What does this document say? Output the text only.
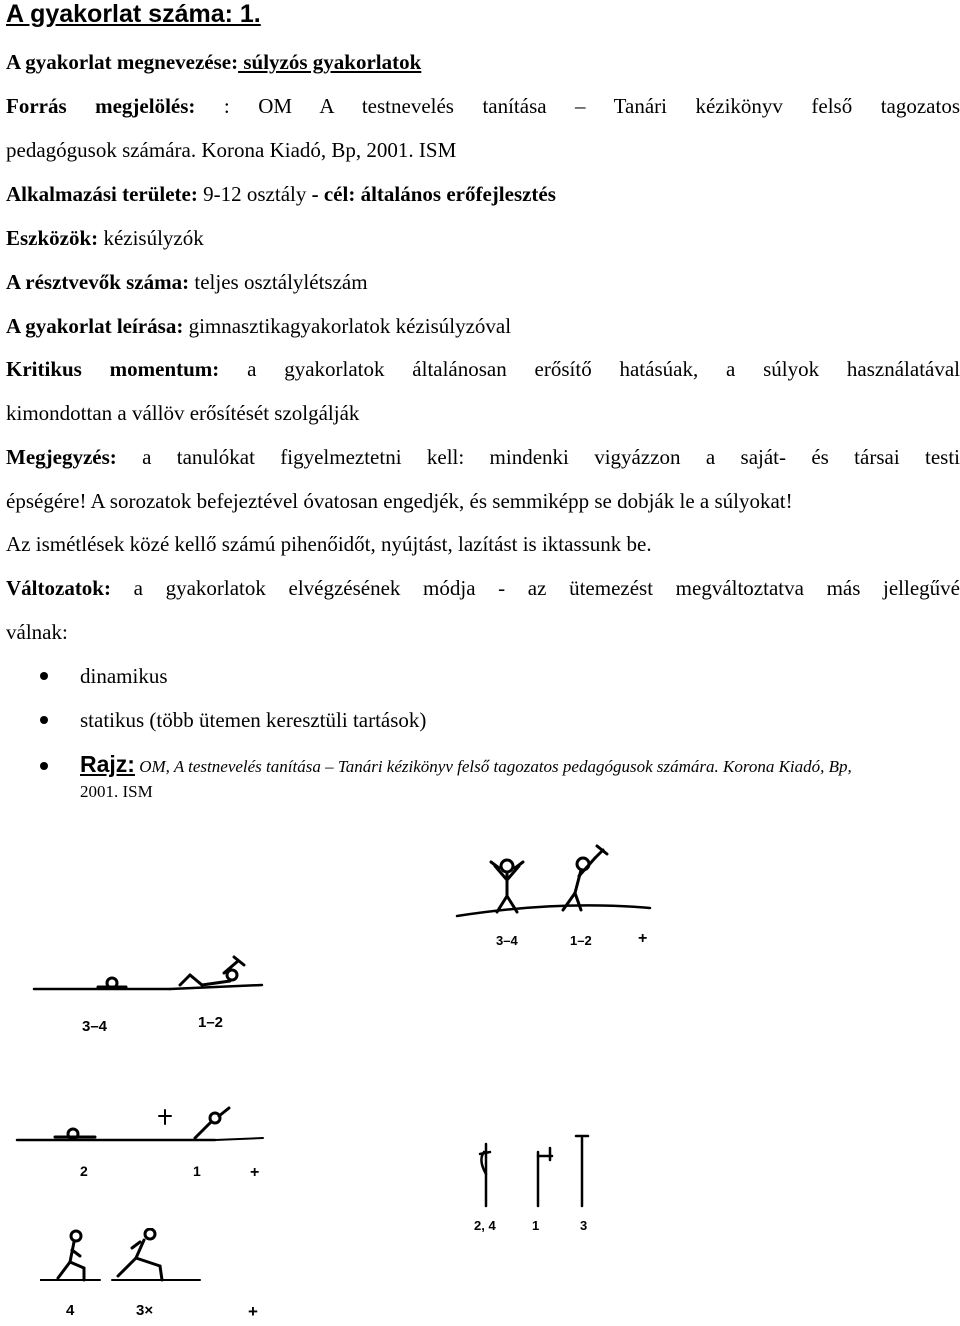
A gyakorlat száma: 1.
A gyakorlat megnevezése: súlyzós gyakorlatok
Forrás megjelölés: : OM A testnevelés tanítása – Tanári kézikönyv felső tagozatos
pedagógusok számára. Korona Kiadó, Bp, 2001. ISM
Alkalmazási területe: 9-12 osztály - cél: általános erőfejlesztés
Eszközök: kézisúlyzók
A résztvevők száma: teljes osztálylétszám
A gyakorlat leírása: gimnasztikagyakorlatok kézisúlyzóval
Kritikus momentum: a gyakorlatok általánosan erősítő hatásúak, a súlyok használatával
kimondottan a vállöv erősítését szolgálják
Megjegyzés: a tanulókat figyelmeztetni kell: mindenki vigyázzon a saját- és társai testi
épségére! A sorozatok befejeztével óvatosan engedjék, és semmiképp se dobják le a súlyokat!
Az ismétlések közé kellő számú pihenőidőt, nyújtást, lazítást is iktassunk be.
Változatok: a gyakorlatok elvégzésének módja - az ütemezést megváltoztatva más jellegűvé
válnak:
dinamikus
statikus (több ütemen keresztüli tartások)
Rajz: OM, A testnevelés tanítása – Tanári kézikönyv felső tagozatos pedagógusok számára. Korona Kiadó, Bp,
2001. ISM
3–4	1–2	+
3–4	1–2
2	1	+
2, 4	1	3
4	3×	+
